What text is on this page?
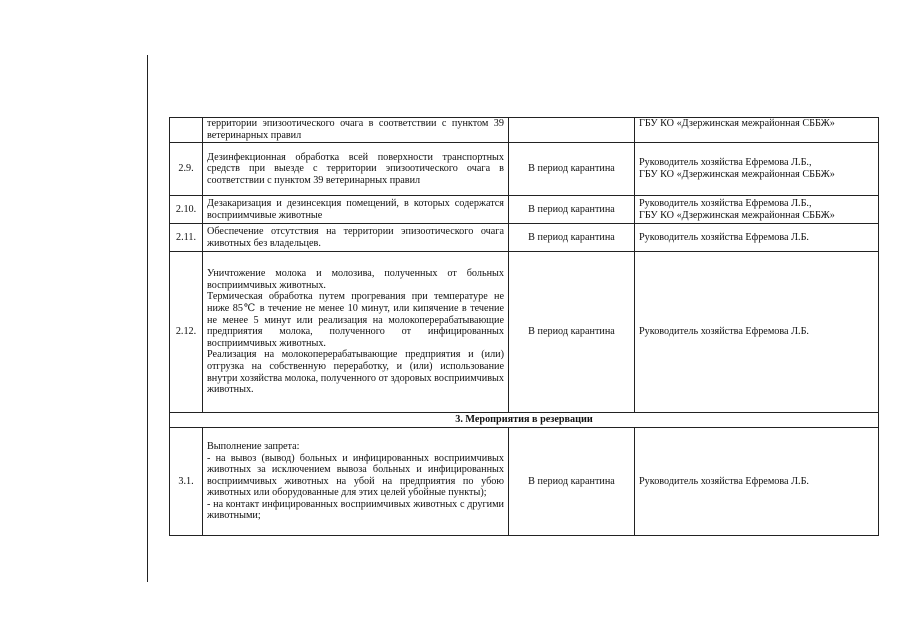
	территории эпизоотического очага в соответствии с пунктом 39 ветеринарных правил		ГБУ КО «Дзержинская межрайонная СББЖ»

2.9.	Дезинфекционная обработка всей поверхности транспортных средств при выезде с территории эпизоотического очага в соответствии с пунктом 39 ветеринарных правил	В период карантина	Руководитель хозяйства Ефремова Л.Б.,
ГБУ КО «Дзержинская межрайонная СББЖ»

2.10.	Дезакаризация и дезинсекция помещений, в которых содержатся восприимчивые животные	В период карантина	Руководитель хозяйства Ефремова Л.Б.,
ГБУ КО «Дзержинская межрайонная СББЖ»

2.11.	Обеспечение отсутствия на территории эпизоотического очага животных без владельцев.	В период карантина	Руководитель хозяйства Ефремова Л.Б.

2.12.	Уничтожение молока и молозива, полученных от больных восприимчивых животных.

Термическая обработка путем прогревания при температуре не ниже 85℃ в течение не менее 10 минут, или кипячение в течение не менее 5 минут или реализация на молокоперерабатывающие предприятия молока, полученного от инфицированных восприимчивых животных.

Реализация на молокоперерабатывающие предприятия и (или) отгрузка на собственную переработку, и (или) использование внутри хозяйства молока, полученного от здоровых восприимчивых животных.	В период карантина	Руководитель хозяйства Ефремова Л.Б.

3. Мероприятия в резервации			
3.1.	Выполнение запрета:

- на вывоз (вывод) больных и инфицированных восприимчивых животных за исключением вывоза больных и инфицированных восприимчивых животных на убой на предприятия по убою животных или оборудованные для этих целей убойные пункты);

- на контакт инфицированных восприимчивых животных с другими животными;	В период карантина	Руководитель хозяйства Ефремова Л.Б.
